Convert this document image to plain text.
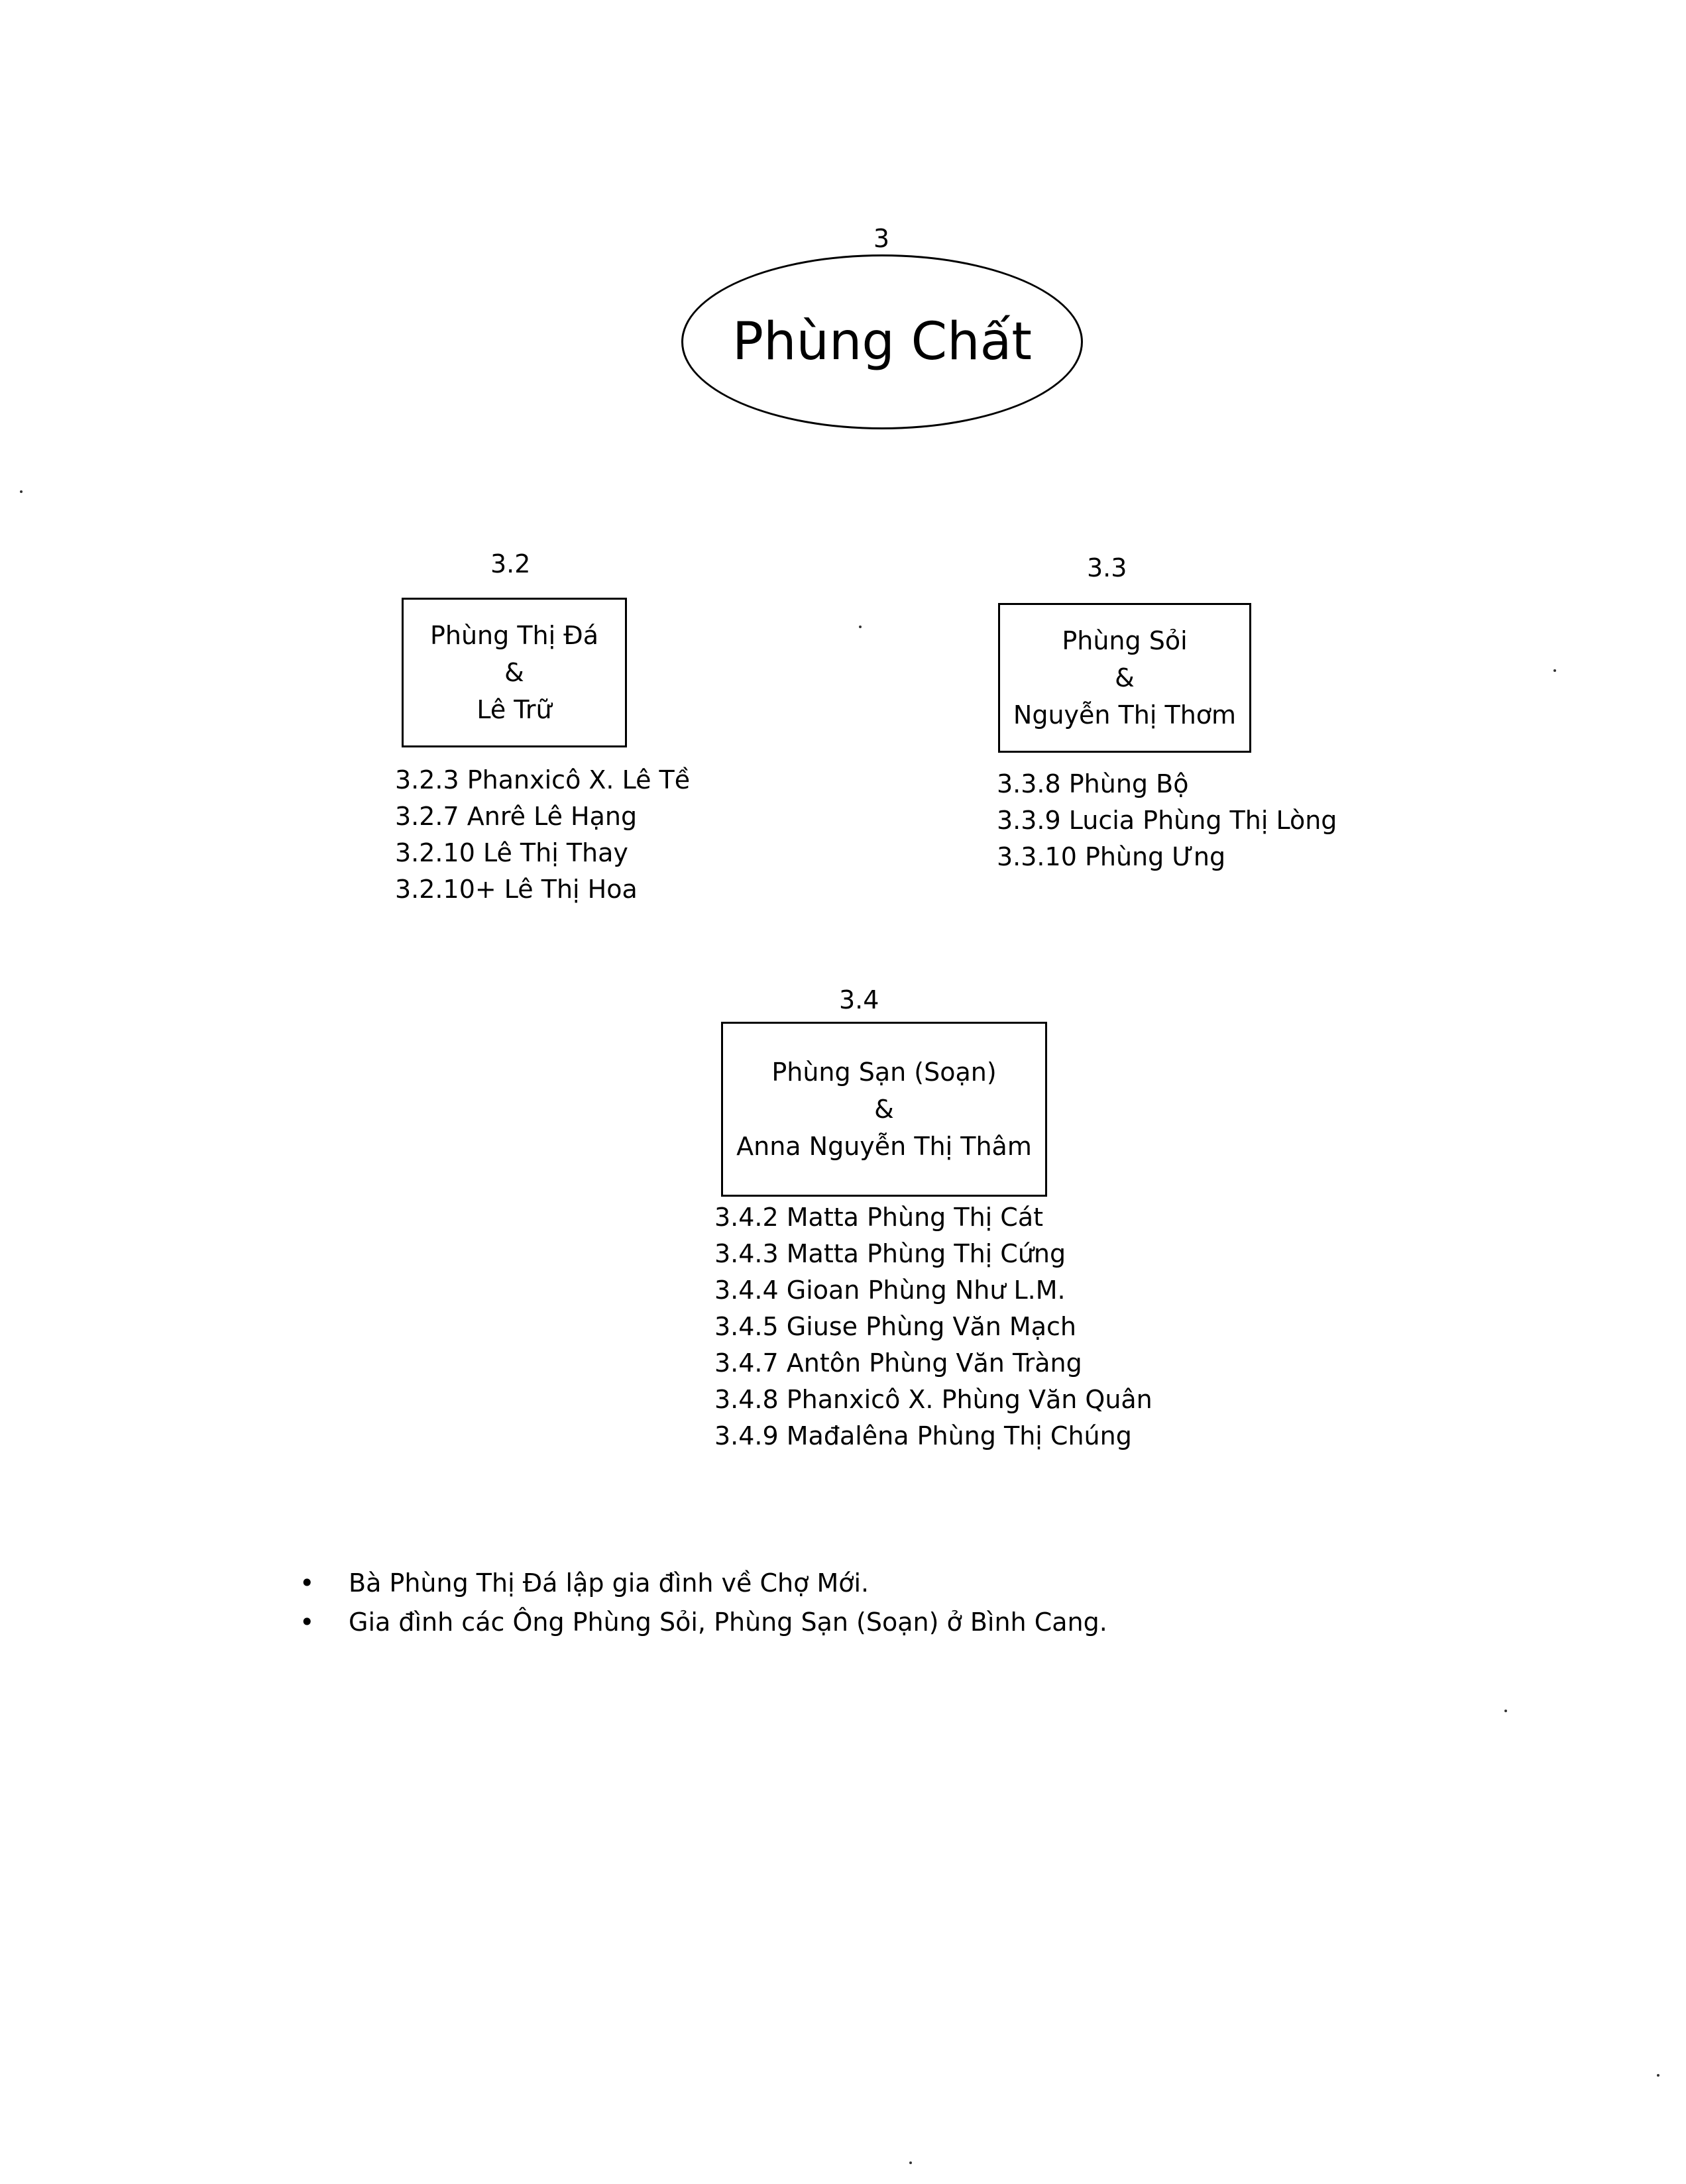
3
Phùng Chất
3.2
Phùng Thị Đá
&
Lê Trữ
3.2.3 Phanxicô X. Lê Tề
3.2.7 Anrê Lê Hạng
3.2.10 Lê Thị Thay
3.2.10+ Lê Thị Hoa
3.3
Phùng Sỏi
&
Nguyễn Thị Thơm
3.3.8 Phùng Bộ
3.3.9 Lucia Phùng Thị Lòng
3.3.10 Phùng Ưng
3.4
Phùng Sạn (Soạn)
&
Anna Nguyễn Thị Thâm
3.4.2 Matta Phùng Thị Cát
3.4.3 Matta Phùng Thị Cứng
3.4.4 Gioan Phùng Như L.M.
3.4.5 Giuse Phùng Văn Mạch
3.4.7 Antôn Phùng Văn Tràng
3.4.8 Phanxicô X. Phùng Văn Quân
3.4.9 Mađalêna Phùng Thị Chúng
•	Bà Phùng Thị Đá lập gia đình về Chợ Mới.
•	Gia đình các Ông Phùng Sỏi, Phùng Sạn (Soạn) ở Bình Cang.
